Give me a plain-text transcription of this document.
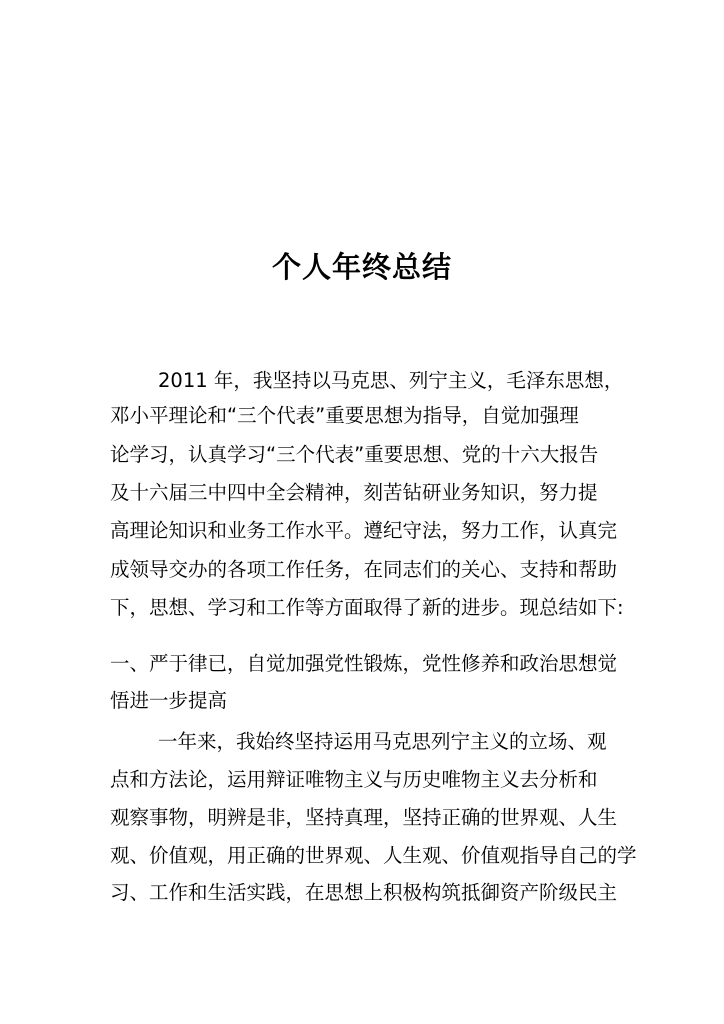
个人年终总结
2011 年，我坚持以马克思、列宁主义，毛泽东思想，
邓小平理论和“三个代表”重要思想为指导，自觉加强理
论学习，认真学习“三个代表”重要思想、党的十六大报告
及十六届三中四中全会精神，刻苦钻研业务知识，努力提
高理论知识和业务工作水平。遵纪守法，努力工作，认真完
成领导交办的各项工作任务，在同志们的关心、支持和帮助
下，思想、学习和工作等方面取得了新的进步。现总结如下:
一、严于律已，自觉加强党性锻炼，党性修养和政治思想觉
悟进一步提高
一年来，我始终坚持运用马克思列宁主义的立场、观
点和方法论，运用辩证唯物主义与历史唯物主义去分析和
观察事物，明辨是非，坚持真理，坚持正确的世界观、人生
观、价值观，用正确的世界观、人生观、价值观指导自己的学
习、工作和生活实践，在思想上积极构筑抵御资产阶级民主
